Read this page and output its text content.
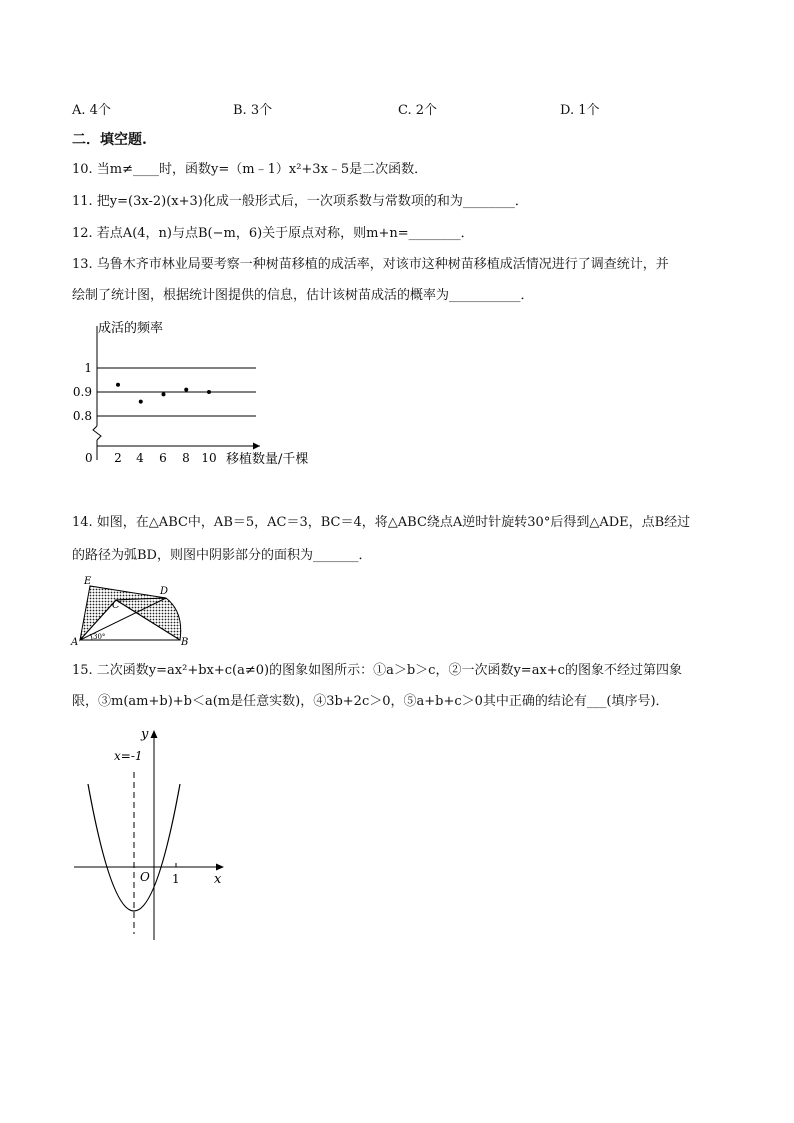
A. 4个	B. 3个	C. 2个	D. 1个
二．填空题.
10. 当m≠____时，函数y=（m﹣1）x²+3x﹣5是二次函数．
11. 把y=(3x-2)(x+3)化成一般形式后，一次项系数与常数项的和为________．
12. 若点A(4，n)与点B(−m，6)关于原点对称，则m+n=________．
13. 乌鲁木齐市林业局要考察一种树苗移植的成活率，对该市这种树苗移植成活情况进行了调查统计，并
绘制了统计图，根据统计图提供的信息，估计该树苗成活的概率为___________．
成活的频率
1
0.9
0.8
0 2 4 6 8 10 移植数量/千棵
14. 如图，在△ABC中，AB＝5，AC＝3，BC＝4，将△ABC绕点A逆时针旋转30°后得到△ADE，点B经过
的路径为弧BD，则图中阴影部分的面积为_______．
E
D
C
A	B
30°
15. 二次函数y=ax²+bx+c(a≠0)的图象如图所示：①a＞b＞c，②一次函数y=ax+c的图象不经过第四象
限，③m(am+b)+b＜a(m是任意实数)，④3b+2c＞0，⑤a+b+c＞0其中正确的结论有___(填序号)．
y
x
x=-1
O 1
